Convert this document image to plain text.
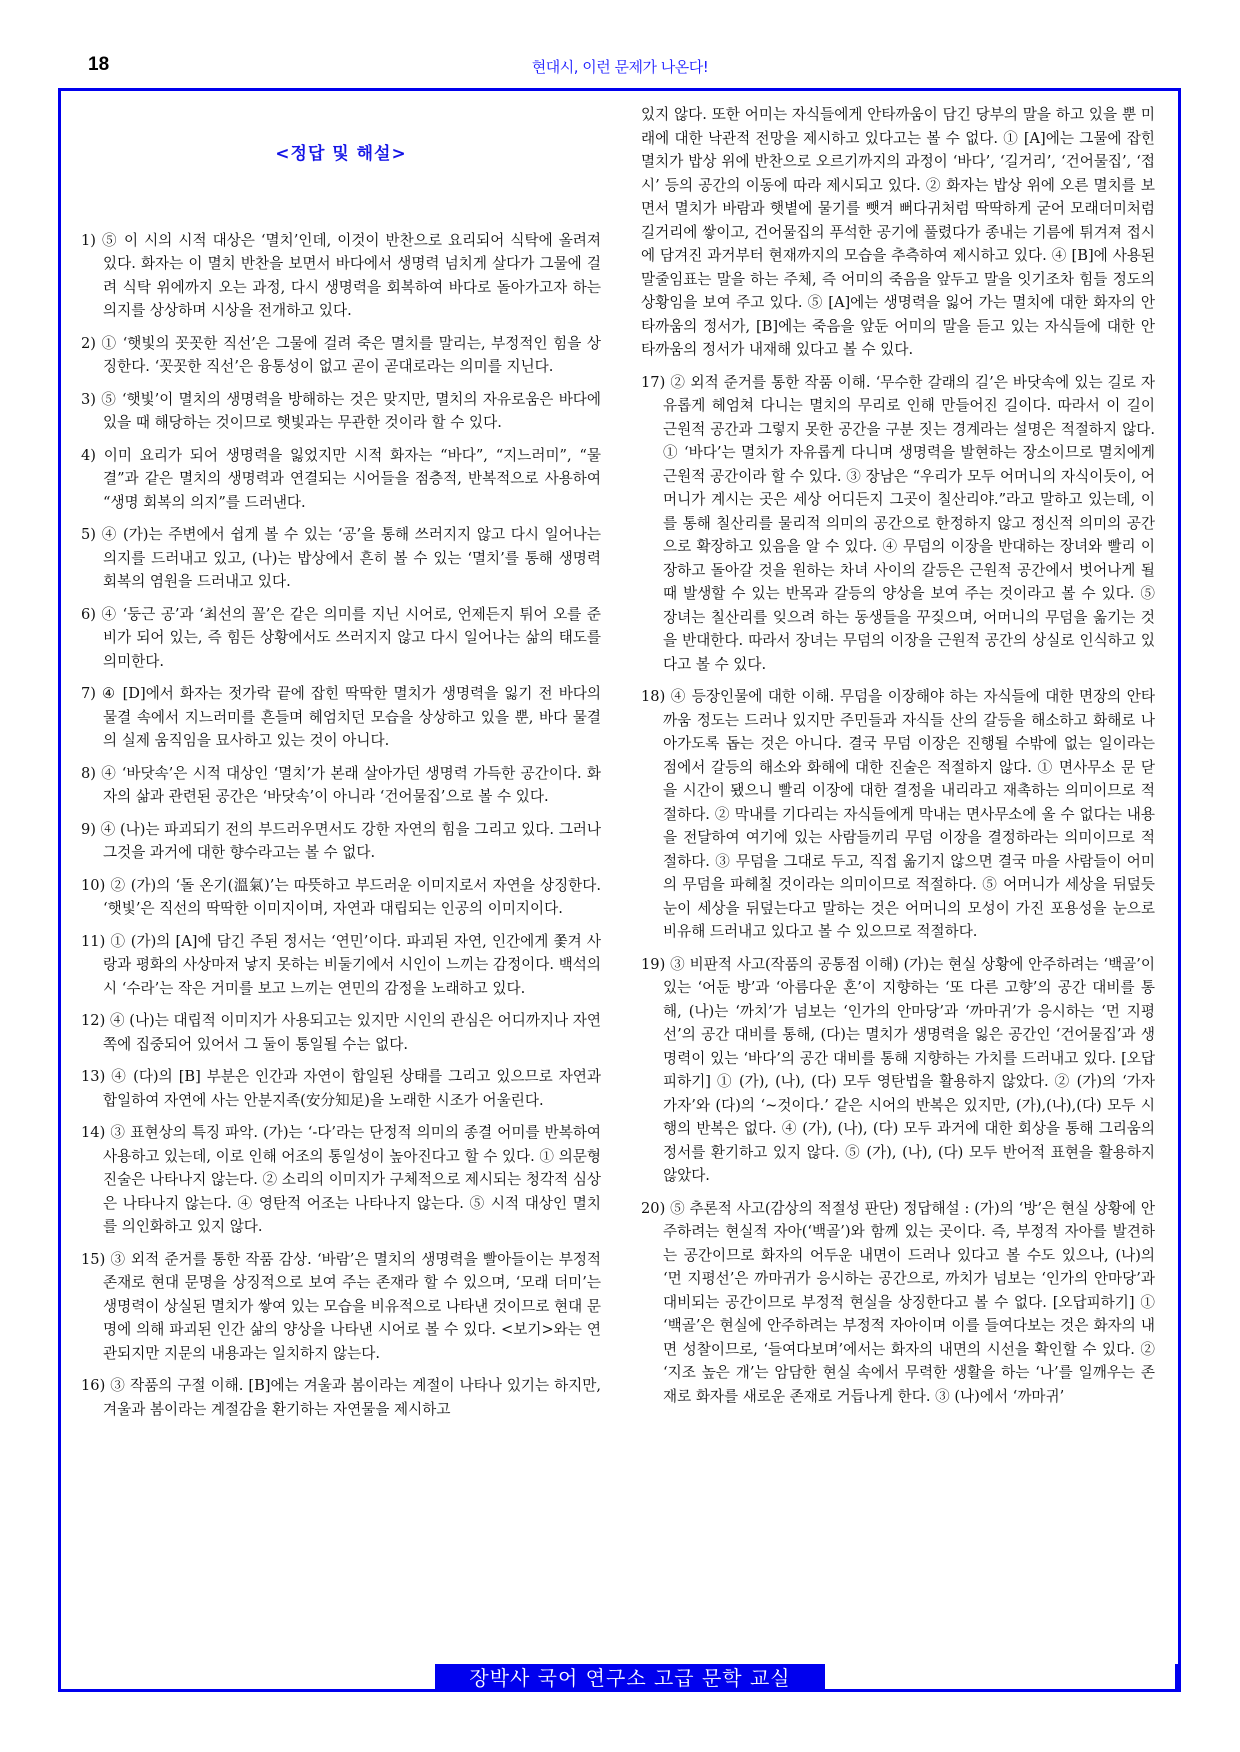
18	현대시, 이런 문제가 나온다!
<정답 및 해설>

1) ⑤ 이 시의 시적 대상은 ‘멸치’인데, 이것이 반찬으로 요리되어 식탁에 올려져 있다. 화자는 이 멸치 반찬을 보면서 바다에서 생명력 넘치게 살다가 그물에 걸려 식탁 위에까지 오는 과정, 다시 생명력을 회복하여 바다로 돌아가고자 하는 의지를 상상하며 시상을 전개하고 있다.

2) ① ‘햇빛의 꼿꼿한 직선’은 그물에 걸려 죽은 멸치를 말리는, 부정적인 힘을 상징한다. ‘꼿꼿한 직선’은 융통성이 없고 곧이 곧대로라는 의미를 지닌다.

3) ⑤ ‘햇빛’이 멸치의 생명력을 방해하는 것은 맞지만, 멸치의 자유로움은 바다에 있을 때 해당하는 것이므로 햇빛과는 무관한 것이라 할 수 있다.

4) 이미 요리가 되어 생명력을 잃었지만 시적 화자는 “바다”, “지느러미”, “물결”과 같은 멸치의 생명력과 연결되는 시어들을 점층적, 반복적으로 사용하여 “생명 회복의 의지”를 드러낸다.

5) ④ (가)는 주변에서 쉽게 볼 수 있는 ‘공’을 통해 쓰러지지 않고 다시 일어나는 의지를 드러내고 있고, (나)는 밥상에서 흔히 볼 수 있는 ‘멸치’를 통해 생명력 회복의 염원을 드러내고 있다.

6) ④ ‘둥근 공’과 ‘최선의 꼴’은 같은 의미를 지닌 시어로, 언제든지 튀어 오를 준비가 되어 있는, 즉 힘든 상황에서도 쓰러지지 않고 다시 일어나는 삶의 태도를 의미한다.

7) ④ [D]에서 화자는 젓가락 끝에 잡힌 딱딱한 멸치가 생명력을 잃기 전 바다의 물결 속에서 지느러미를 흔들며 헤엄치던 모습을 상상하고 있을 뿐, 바다 물결의 실제 움직임을 묘사하고 있는 것이 아니다.

8) ④ ‘바닷속’은 시적 대상인 ‘멸치’가 본래 살아가던 생명력 가득한 공간이다. 화자의 삶과 관련된 공간은 ‘바닷속’이 아니라 ‘건어물집’으로 볼 수 있다.

9) ④ (나)는 파괴되기 전의 부드러우면서도 강한 자연의 힘을 그리고 있다. 그러나 그것을 과거에 대한 향수라고는 볼 수 없다.

10) ② (가)의 ‘돌 온기(溫氣)’는 따뜻하고 부드러운 이미지로서 자연을 상징한다. ‘햇빛’은 직선의 딱딱한 이미지이며, 자연과 대립되는 인공의 이미지이다.

11) ① (가)의 [A]에 담긴 주된 정서는 ‘연민’이다. 파괴된 자연, 인간에게 쫓겨 사랑과 평화의 사상마저 낳지 못하는 비둘기에서 시인이 느끼는 감정이다. 백석의 시 ‘수라’는 작은 거미를 보고 느끼는 연민의 감정을 노래하고 있다.

12) ④ (나)는 대립적 이미지가 사용되고는 있지만 시인의 관심은 어디까지나 자연 쪽에 집중되어 있어서 그 둘이 통일될 수는 없다.

13) ④ (다)의 [B] 부분은 인간과 자연이 합일된 상태를 그리고 있으므로 자연과 합일하여 자연에 사는 안분지족(安分知足)을 노래한 시조가 어울린다.

14) ③ 표현상의 특징 파악. (가)는 ‘-다’라는 단정적 의미의 종결 어미를 반복하여 사용하고 있는데, 이로 인해 어조의 통일성이 높아진다고 할 수 있다. ① 의문형 진술은 나타나지 않는다. ② 소리의 이미지가 구체적으로 제시되는 청각적 심상은 나타나지 않는다. ④ 영탄적 어조는 나타나지 않는다. ⑤ 시적 대상인 멸치를 의인화하고 있지 않다.

15) ③ 외적 준거를 통한 작품 감상. ‘바람’은 멸치의 생명력을 빨아들이는 부정적 존재로 현대 문명을 상징적으로 보여 주는 존재라 할 수 있으며, ‘모래 더미’는 생명력이 상실된 멸치가 쌓여 있는 모습을 비유적으로 나타낸 것이므로 현대 문명에 의해 파괴된 인간 삶의 양상을 나타낸 시어로 볼 수 있다. <보기>와는 연관되지만 지문의 내용과는 일치하지 않는다.

16) ③ 작품의 구절 이해. [B]에는 겨울과 봄이라는 계절이 나타나 있기는 하지만, 겨울과 봄이라는 계절감을 환기하는 자연물을 제시하고

있지 않다. 또한 어미는 자식들에게 안타까움이 담긴 당부의 말을 하고 있을 뿐 미래에 대한 낙관적 전망을 제시하고 있다고는 볼 수 없다. ① [A]에는 그물에 잡힌 멸치가 밥상 위에 반찬으로 오르기까지의 과정이 ‘바다’, ‘길거리’, ‘건어물집’, ‘접시’ 등의 공간의 이동에 따라 제시되고 있다. ② 화자는 밥상 위에 오른 멸치를 보면서 멸치가 바람과 햇볕에 물기를 뺏겨 뻐다귀처럼 딱딱하게 굳어 모래더미처럼 길거리에 쌓이고, 건어물집의 푸석한 공기에 풀렸다가 종내는 기름에 튀겨져 접시에 담겨진 과거부터 현재까지의 모습을 추측하여 제시하고 있다. ④ [B]에 사용된 말줄임표는 말을 하는 주체, 즉 어미의 죽음을 앞두고 말을 잇기조차 힘들 정도의 상황임을 보여 주고 있다. ⑤ [A]에는 생명력을 잃어 가는 멸치에 대한 화자의 안타까움의 정서가, [B]에는 죽음을 앞둔 어미의 말을 듣고 있는 자식들에 대한 안타까움의 정서가 내재해 있다고 볼 수 있다.

17) ② 외적 준거를 통한 작품 이해. ‘무수한 갈래의 길’은 바닷속에 있는 길로 자유롭게 헤엄쳐 다니는 멸치의 무리로 인해 만들어진 길이다. 따라서 이 길이 근원적 공간과 그렇지 못한 공간을 구분 짓는 경계라는 설명은 적절하지 않다. ① ‘바다’는 멸치가 자유롭게 다니며 생명력을 발현하는 장소이므로 멸치에게 근원적 공간이라 할 수 있다. ③ 장남은 “우리가 모두 어머니의 자식이듯이, 어머니가 계시는 곳은 세상 어디든지 그곳이 칠산리야.”라고 말하고 있는데, 이를 통해 칠산리를 물리적 의미의 공간으로 한정하지 않고 정신적 의미의 공간으로 확장하고 있음을 알 수 있다. ④ 무덤의 이장을 반대하는 장녀와 빨리 이장하고 돌아갈 것을 원하는 차녀 사이의 갈등은 근원적 공간에서 벗어나게 될 때 발생할 수 있는 반목과 갈등의 양상을 보여 주는 것이라고 볼 수 있다. ⑤ 장녀는 칠산리를 잊으려 하는 동생들을 꾸짖으며, 어머니의 무덤을 옮기는 것을 반대한다. 따라서 장녀는 무덤의 이장을 근원적 공간의 상실로 인식하고 있다고 볼 수 있다.

18) ④ 등장인물에 대한 이해. 무덤을 이장해야 하는 자식들에 대한 면장의 안타까움 정도는 드러나 있지만 주민들과 자식들 산의 갈등을 해소하고 화해로 나아가도록 돕는 것은 아니다. 결국 무덤 이장은 진행될 수밖에 없는 일이라는 점에서 갈등의 해소와 화해에 대한 진술은 적절하지 않다. ① 면사무소 문 닫을 시간이 됐으니 빨리 이장에 대한 결정을 내리라고 재촉하는 의미이므로 적절하다. ② 막내를 기다리는 자식들에게 막내는 면사무소에 올 수 없다는 내용을 전달하여 여기에 있는 사람들끼리 무덤 이장을 결정하라는 의미이므로 적절하다. ③ 무덤을 그대로 두고, 직접 옮기지 않으면 결국 마을 사람들이 어미의 무덤을 파헤칠 것이라는 의미이므로 적절하다. ⑤ 어머니가 세상을 뒤덮듯 눈이 세상을 뒤덮는다고 말하는 것은 어머니의 모성이 가진 포용성을 눈으로 비유해 드러내고 있다고 볼 수 있으므로 적절하다.

19) ③ 비판적 사고(작품의 공통점 이해) (가)는 현실 상황에 안주하려는 ‘백골’이 있는 ‘어둔 방’과 ‘아름다운 혼’이 지향하는 ‘또 다른 고향’의 공간 대비를 통해, (나)는 ‘까치’가 넘보는 ‘인가의 안마당’과 ‘까마귀’가 응시하는 ‘먼 지평선’의 공간 대비를 통해, (다)는 멸치가 생명력을 잃은 공간인 ‘건어물집’과 생명력이 있는 ‘바다’의 공간 대비를 통해 지향하는 가치를 드러내고 있다. [오답피하기] ① (가), (나), (다) 모두 영탄법을 활용하지 않았다. ② (가)의 ‘가자 가자’와 (다)의 ‘~것이다.’ 같은 시어의 반복은 있지만, (가),(나),(다) 모두 시행의 반복은 없다. ④ (가), (나), (다) 모두 과거에 대한 회상을 통해 그리움의 정서를 환기하고 있지 않다. ⑤ (가), (나), (다) 모두 반어적 표현을 활용하지 않았다.

20) ⑤ 추론적 사고(감상의 적절성 판단) 정답해설 : (가)의 ‘방’은 현실 상황에 안주하려는 현실적 자아(‘백골’)와 함께 있는 곳이다. 즉, 부정적 자아를 발견하는 공간이므로 화자의 어두운 내면이 드러나 있다고 볼 수도 있으나, (나)의 ‘먼 지평선’은 까마귀가 응시하는 공간으로, 까치가 넘보는 ‘인가의 안마당’과 대비되는 공간이므로 부정적 현실을 상징한다고 볼 수 없다. [오답피하기] ① ‘백골’은 현실에 안주하려는 부정적 자아이며 이를 들여다보는 것은 화자의 내면 성찰이므로, ‘들여다보며’에서는 화자의 내면의 시선을 확인할 수 있다. ② ‘지조 높은 개’는 암담한 현실 속에서 무력한 생활을 하는 ‘나’를 일깨우는 존재로 화자를 새로운 존재로 거듭나게 한다. ③ (나)에서 ‘까마귀’

장박사 국어 연구소 고급 문학 교실
